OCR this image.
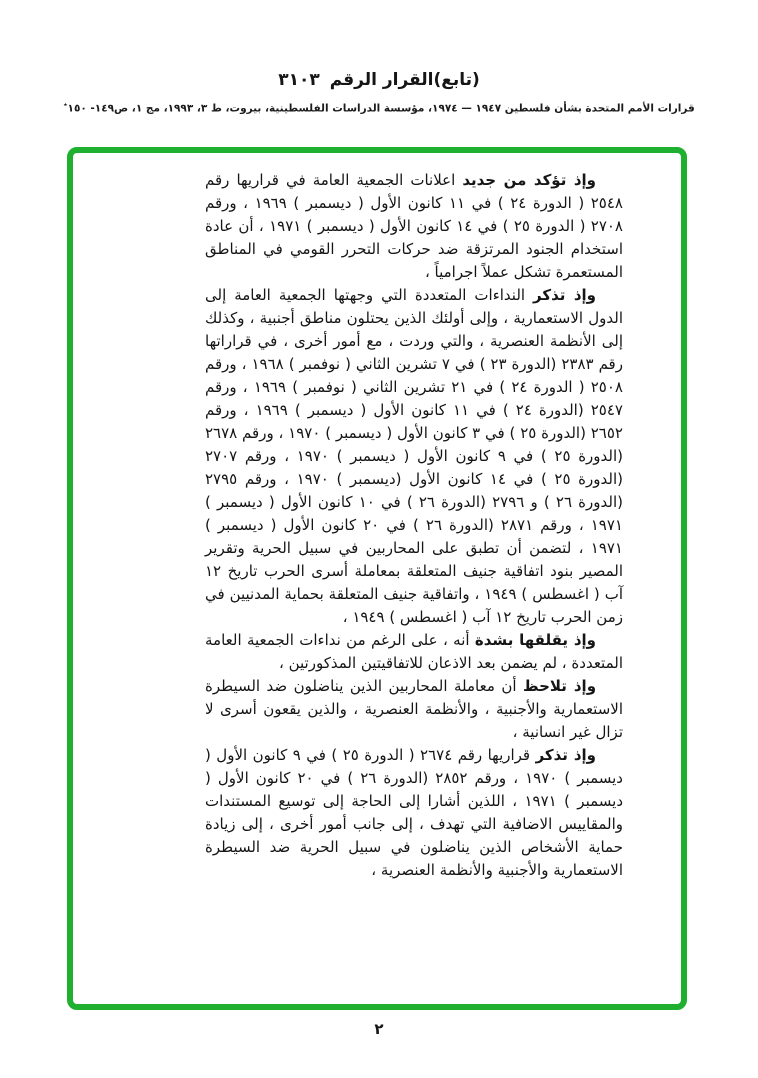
(تابع)القرار الرقم٣١٠٣
قرارات الأمم المتحدة بشأن فلسطين ١٩٤٧ — ١٩٧٤، مؤسسة الدراسات الفلسطينية، بيروت، ط ٣، ١٩٩٣، مج ١، ص١٤٩- ١٥٠٭

وإذ تؤكد من جديد اعلانات الجمعية العامة في قراريها رقم ٢٥٤٨ ( الدورة ٢٤ ) في ١١ كانون الأول ( ديسمبر ) ١٩٦٩ ، ورقم ٢٧٠٨ ( الدورة ٢٥ ) في ١٤ كانون الأول ( ديسمبر ) ١٩٧١ ، أن عادة استخدام الجنود المرتزقة ضد حركات التحرر القومي في المناطق المستعمرة تشكل عملاً اجرامياً ،

وإذ تذكر النداءات المتعددة التي وجهتها الجمعية العامة إلى الدول الاستعمارية ، وإلى أولئك الذين يحتلون مناطق أجنبية ، وكذلك إلى الأنظمة العنصرية ، والتي وردت ، مع أمور أخرى ، في قراراتها رقم ٢٣٨٣ (الدورة ٢٣ ) في ٧ تشرين الثاني ( نوفمبر ) ١٩٦٨ ، ورقم ٢٥٠٨ ( الدورة ٢٤ ) في ٢١ تشرين الثاني ( نوفمبر ) ١٩٦٩ ، ورقم ٢٥٤٧ (الدورة ٢٤ ) في ١١ كانون الأول ( ديسمبر ) ١٩٦٩ ، ورقم ٢٦٥٢ (الدورة ٢٥ ) في ٣ كانون الأول ( ديسمبر ) ١٩٧٠ ، ورقم ٢٦٧٨ (الدورة ٢٥ ) في ٩ كانون الأول ( ديسمبر ) ١٩٧٠ ، ورقم ٢٧٠٧ (الدورة ٢٥ ) في ١٤ كانون الأول (ديسمبر ) ١٩٧٠ ، ورقم ٢٧٩٥ (الدورة ٢٦ ) و ٢٧٩٦ (الدورة ٢٦ ) في ١٠ كانون الأول ( ديسمبر ) ١٩٧١ ، ورقم ٢٨٧١ (الدورة ٢٦ ) في ٢٠ كانون الأول ( ديسمبر ) ١٩٧١ ، لتضمن أن تطبق على المحاربين في سبيل الحرية وتقرير المصير بنود اتفاقية جنيف المتعلقة بمعاملة أسرى الحرب تاريخ ١٢ آب ( اغسطس ) ١٩٤٩ ، واتفاقية جنيف المتعلقة بحماية المدنيين في زمن الحرب تاريخ ١٢ آب ( اغسطس ) ١٩٤٩ ،

وإذ يقلقها بشدة أنه ، على الرغم من نداءات الجمعية العامة المتعددة ، لم يضمن بعد الاذعان للاتفاقيتين المذكورتين ،

وإذ تلاحظ أن معاملة المحاربين الذين يناضلون ضد السيطرة الاستعمارية والأجنبية ، والأنظمة العنصرية ، والذين يقعون أسرى لا تزال غير انسانية ،

وإذ تذكر قراريها رقم ٢٦٧٤ ( الدورة ٢٥ ) في ٩ كانون الأول ( ديسمبر ) ١٩٧٠ ، ورقم ٢٨٥٢ (الدورة ٢٦ ) في ٢٠ كانون الأول ( ديسمبر ) ١٩٧١ ، اللذين أشارا إلى الحاجة إلى توسيع المستندات والمقاييس الاضافية التي تهدف ، إلى جانب أمور أخرى ، إلى زيادة حماية الأشخاص الذين يناضلون في سبيل الحرية ضد السيطرة الاستعمارية والأجنبية والأنظمة العنصرية ،

٢
